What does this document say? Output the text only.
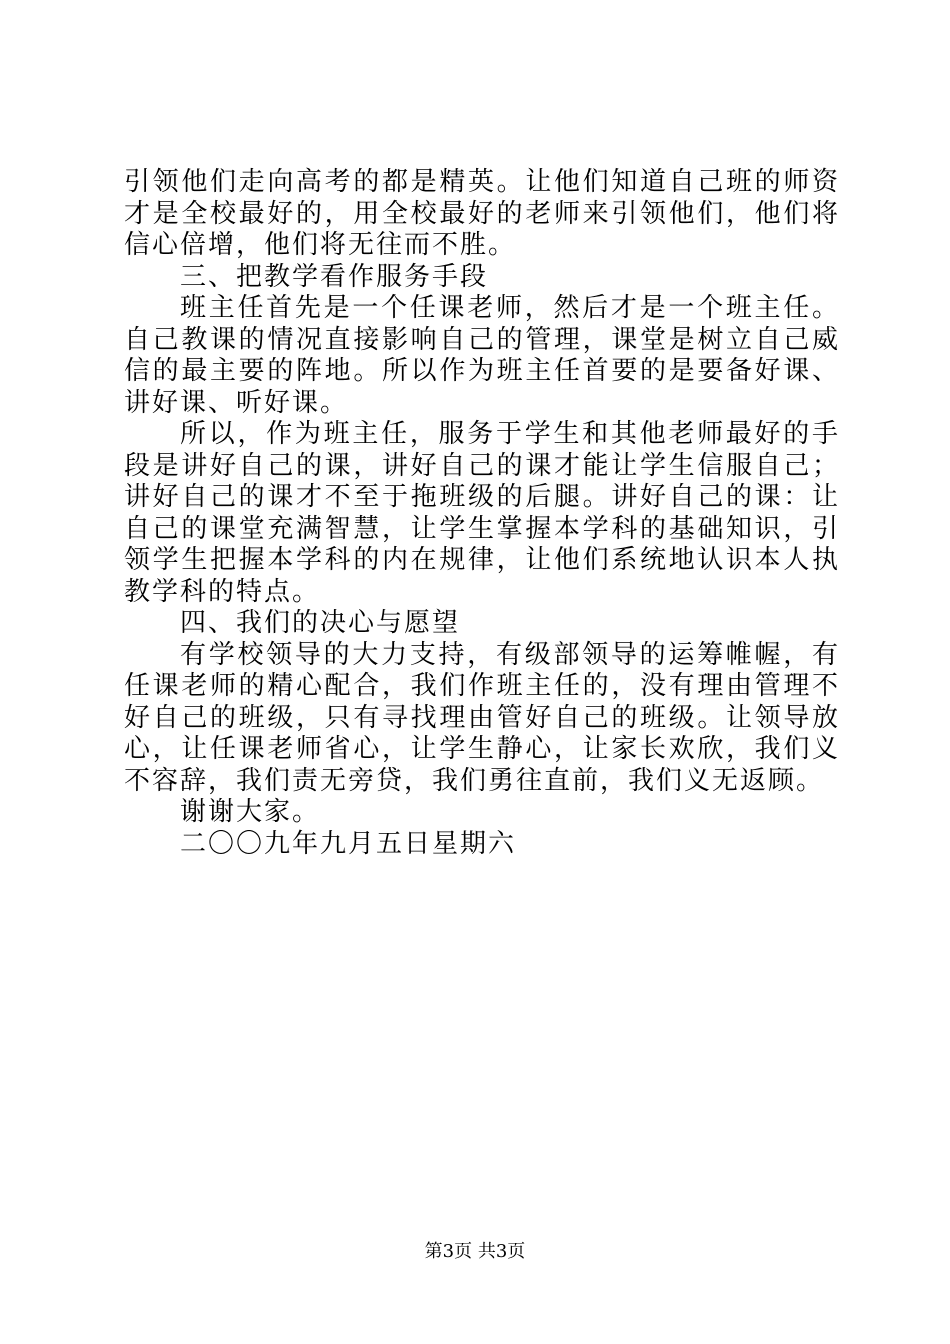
引领他们走向高考的都是精英。让他们知道自己班的师资才是全校最好的，用全校最好的老师来引领他们，他们将信心倍增，他们将无往而不胜。

三、把教学看作服务手段

班主任首先是一个任课老师，然后才是一个班主任。自己教课的情况直接影响自己的管理，课堂是树立自己威信的最主要的阵地。所以作为班主任首要的是要备好课、讲好课、听好课。

所以，作为班主任，服务于学生和其他老师最好的手段是讲好自己的课，讲好自己的课才能让学生信服自己；讲好自己的课才不至于拖班级的后腿。讲好自己的课：让自己的课堂充满智慧，让学生掌握本学科的基础知识，引领学生把握本学科的内在规律，让他们系统地认识本人执教学科的特点。

四、我们的决心与愿望

有学校领导的大力支持，有级部领导的运筹帷幄，有任课老师的精心配合，我们作班主任的，没有理由管理不好自己的班级，只有寻找理由管好自己的班级。让领导放心，让任课老师省心，让学生静心，让家长欢欣，我们义不容辞，我们责无旁贷，我们勇往直前，我们义无返顾。

谢谢大家。

二〇〇九年九月五日星期六

第3页 共3页
